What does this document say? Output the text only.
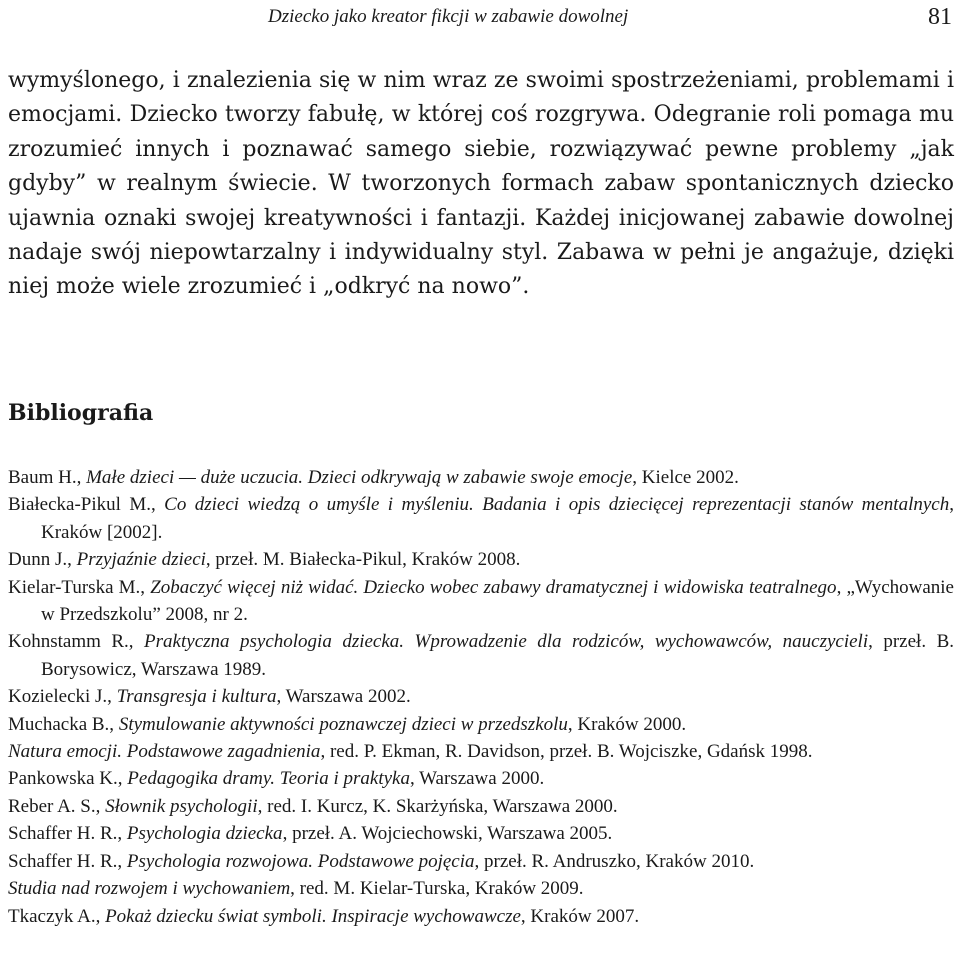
Dziecko jako kreator fikcji w zabawie dowolnej	81

wymyślonego, i znalezienia się w nim wraz ze swoimi spostrzeżeniami, problemami i emocjami. Dziecko tworzy fabułę, w której coś rozgrywa. Odegranie roli pomaga mu zrozumieć innych i poznawać samego siebie, rozwiązywać pewne problemy „jak gdyby” w realnym świecie. W tworzonych formach zabaw spontanicznych dziecko ujawnia oznaki swojej kreatywności i fantazji. Każdej inicjowanej zabawie dowolnej nadaje swój niepowtarzalny i indywidualny styl. Zabawa w pełni je angażuje, dzięki niej może wiele zrozumieć i „odkryć na nowo”.

Bibliografia
Baum H., Małe dzieci — duże uczucia. Dzieci odkrywają w zabawie swoje emocje, Kielce 2002.
Białecka-Pikul M., Co dzieci wiedzą o umyśle i myśleniu. Badania i opis dziecięcej reprezentacji stanów mentalnych, Kraków [2002].
Dunn J., Przyjaźnie dzieci, przeł. M. Białecka-Pikul, Kraków 2008.
Kielar-Turska M., Zobaczyć więcej niż widać. Dziecko wobec zabawy dramatycznej i widowiska teatralnego, „Wychowanie w Przedszkolu” 2008, nr 2.
Kohnstamm R., Praktyczna psychologia dziecka. Wprowadzenie dla rodziców, wychowawców, nauczycieli, przeł. B. Borysowicz, Warszawa 1989.
Kozielecki J., Transgresja i kultura, Warszawa 2002.
Muchacka B., Stymulowanie aktywności poznawczej dzieci w przedszkolu, Kraków 2000.
Natura emocji. Podstawowe zagadnienia, red. P. Ekman, R. Davidson, przeł. B. Wojciszke, Gdańsk 1998.
Pankowska K., Pedagogika dramy. Teoria i praktyka, Warszawa 2000.
Reber A. S., Słownik psychologii, red. I. Kurcz, K. Skarżyńska, Warszawa 2000.
Schaffer H. R., Psychologia dziecka, przeł. A. Wojciechowski, Warszawa 2005.
Schaffer H. R., Psychologia rozwojowa. Podstawowe pojęcia, przeł. R. Andruszko, Kraków 2010.
Studia nad rozwojem i wychowaniem, red. M. Kielar-Turska, Kraków 2009.
Tkaczyk A., Pokaż dziecku świat symboli. Inspiracje wychowawcze, Kraków 2007.
